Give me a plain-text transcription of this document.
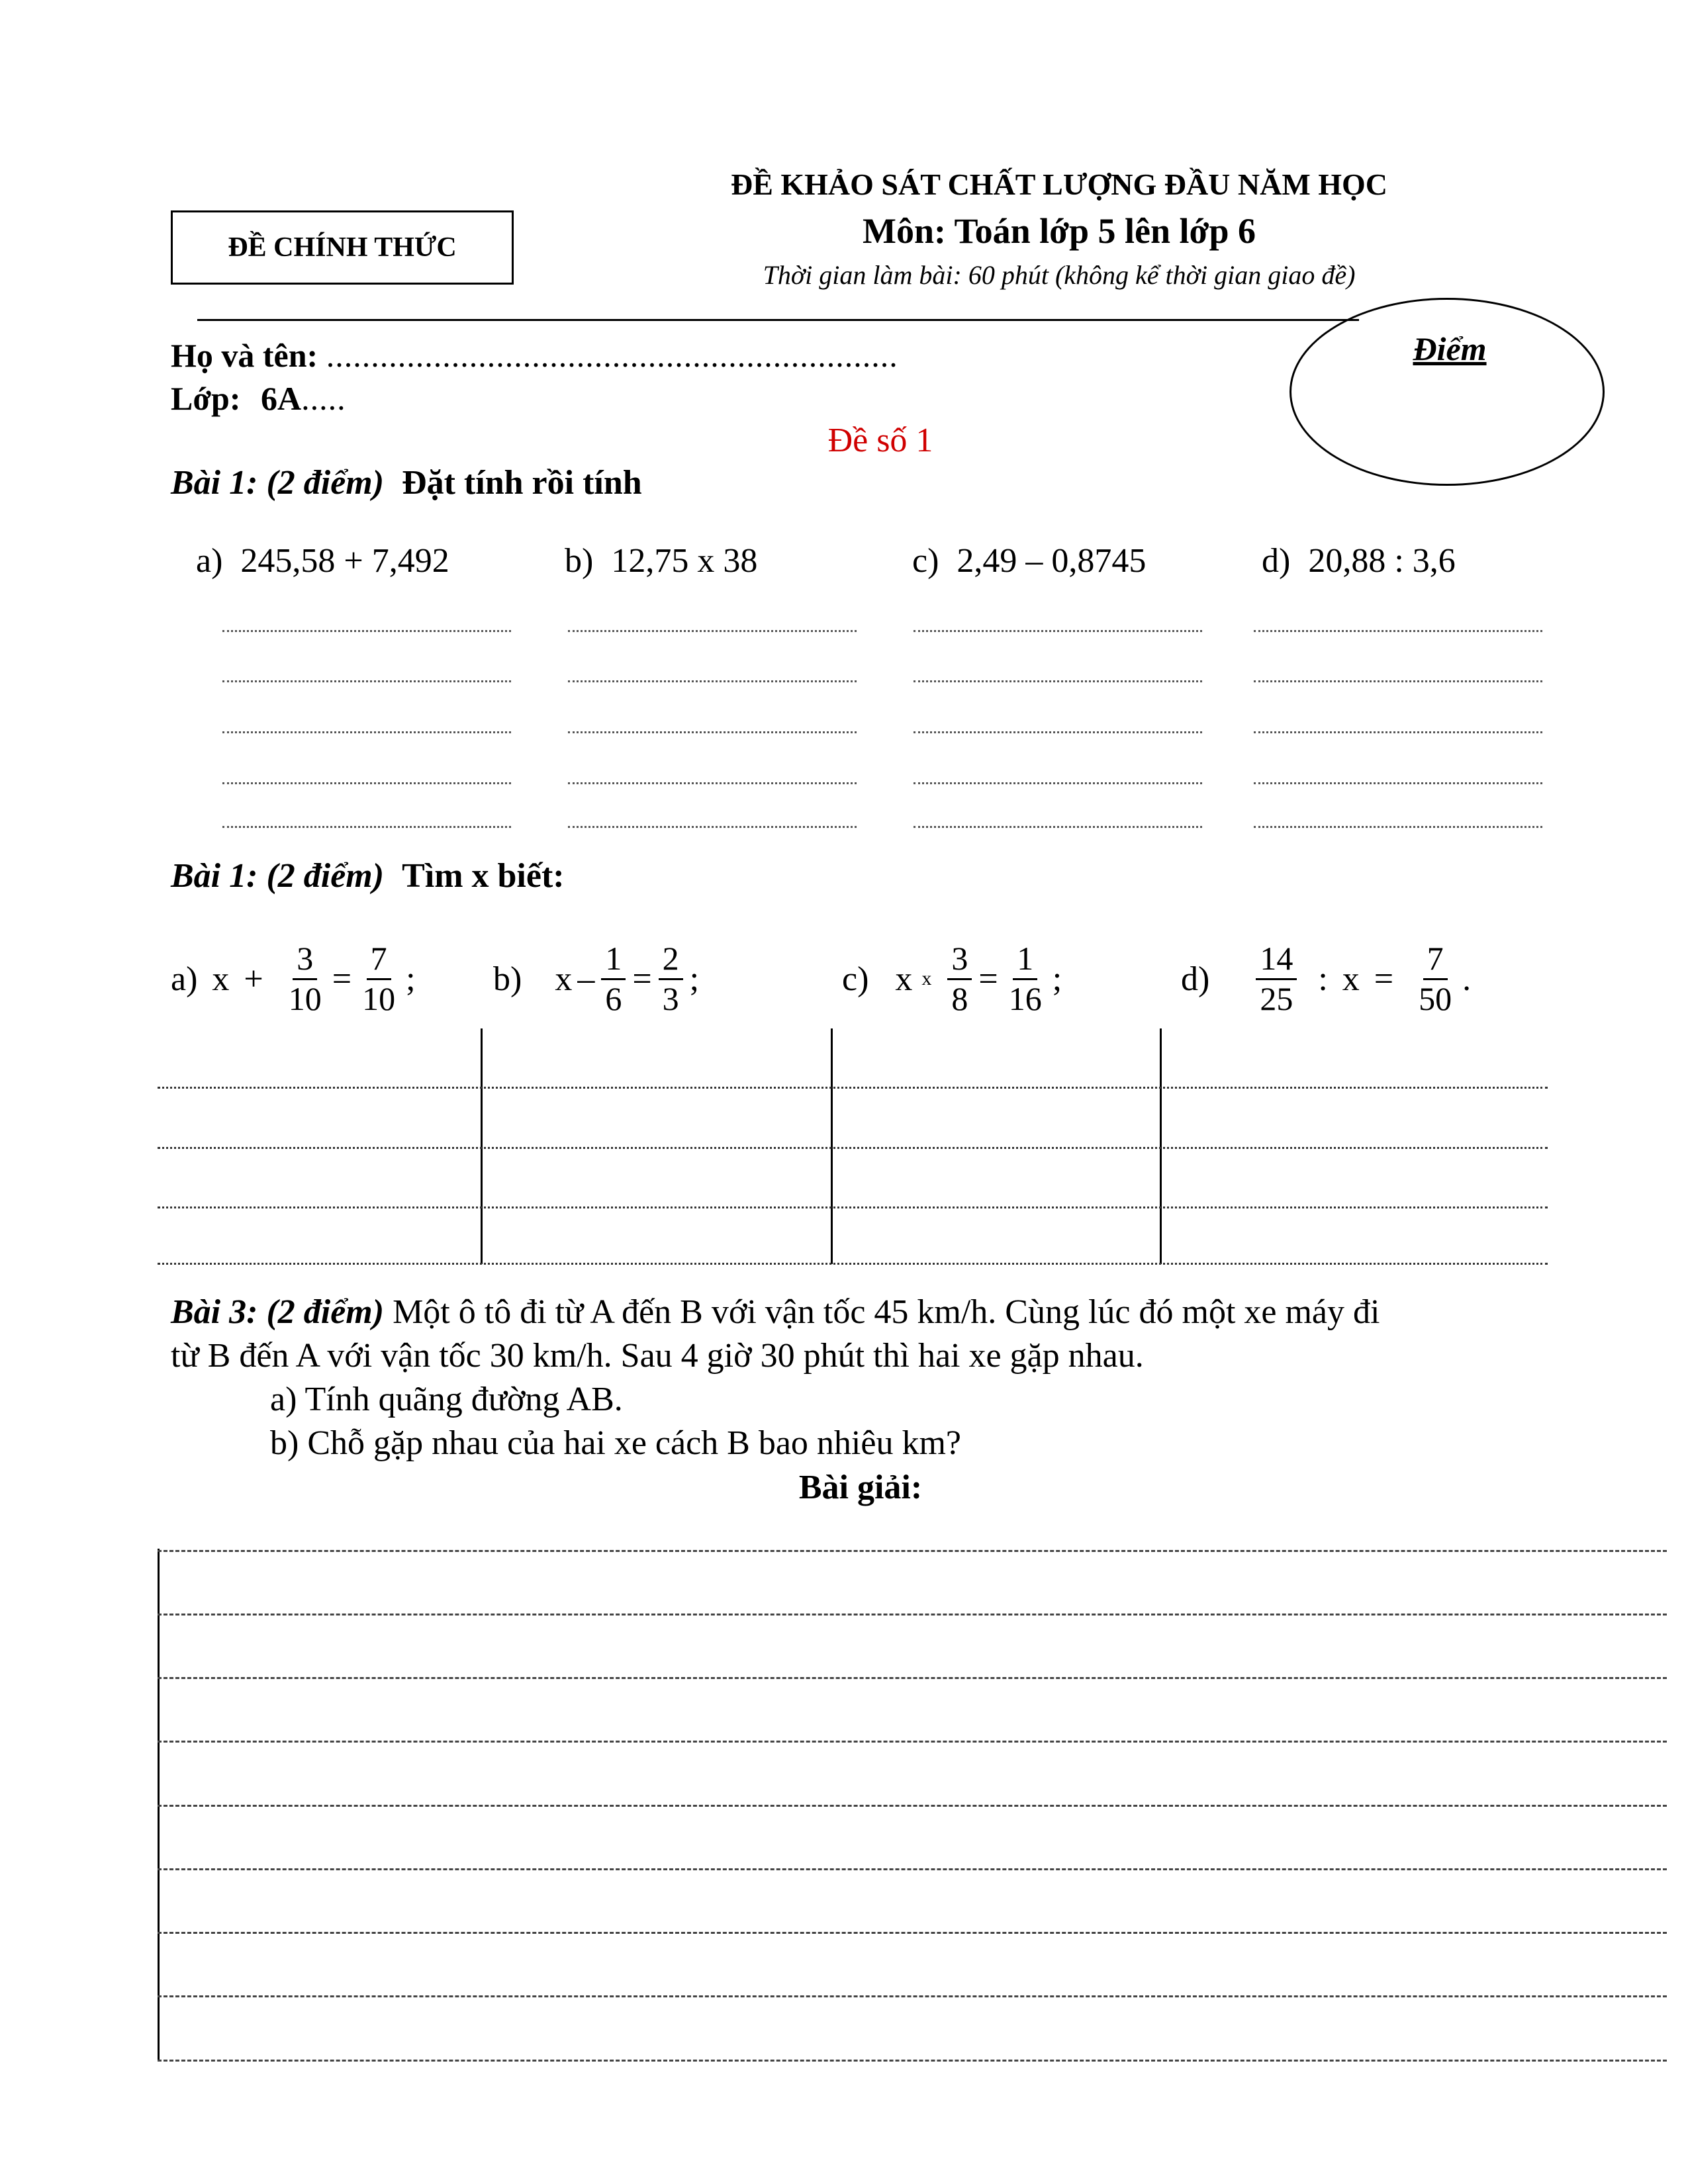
ĐỀ CHÍNH THỨC
ĐỀ KHẢO SÁT CHẤT LƯỢNG ĐẦU NĂM HỌC
Môn: Toán lớp 5 lên lớp 6
Thời gian làm bài: 60 phút (không kể thời gian giao đề)
Điểm
Họ và tên: ................................................................
Lớp: 6A.....
Đề số 1
Bài 1: (2 điểm) Đặt tính rồi tính
a) 245,58 + 7,492	b) 12,75 x 38	c) 2,49 – 0,8745	d) 20,88 : 3,6
Bài 1: (2 điểm) Tìm x biết:
a) $x + \frac{3}{10} = \frac{7}{10}$ ; b) $x - \frac{1}{6} = \frac{2}{3}$ ;	c) x x $\frac{3}{8} = \frac{1}{16}$ ;	$d) \frac{14}{25}$ : $x = \frac{7}{50}$ .
Bài 3: (2 điểm) Một ô tô đi từ A đến B với vận tốc 45 km/h. Cùng lúc đó một xe máy đi
từ B đến A với vận tốc 30 km/h. Sau 4 giờ 30 phút thì hai xe gặp nhau.
a) Tính quãng đường AB.
b) Chỗ gặp nhau của hai xe cách B bao nhiêu km?
Bài giải:
